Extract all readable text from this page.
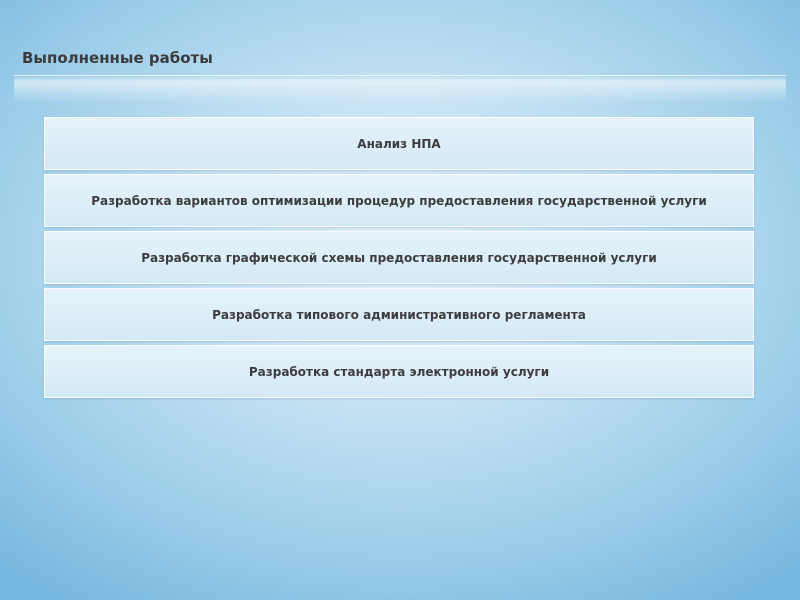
Выполненные работы
Анализ НПА
Разработка вариантов оптимизации процедур предоставления государственной услуги
Разработка графической схемы предоставления государственной услуги
Разработка типового административного регламента
Разработка стандарта электронной услуги
